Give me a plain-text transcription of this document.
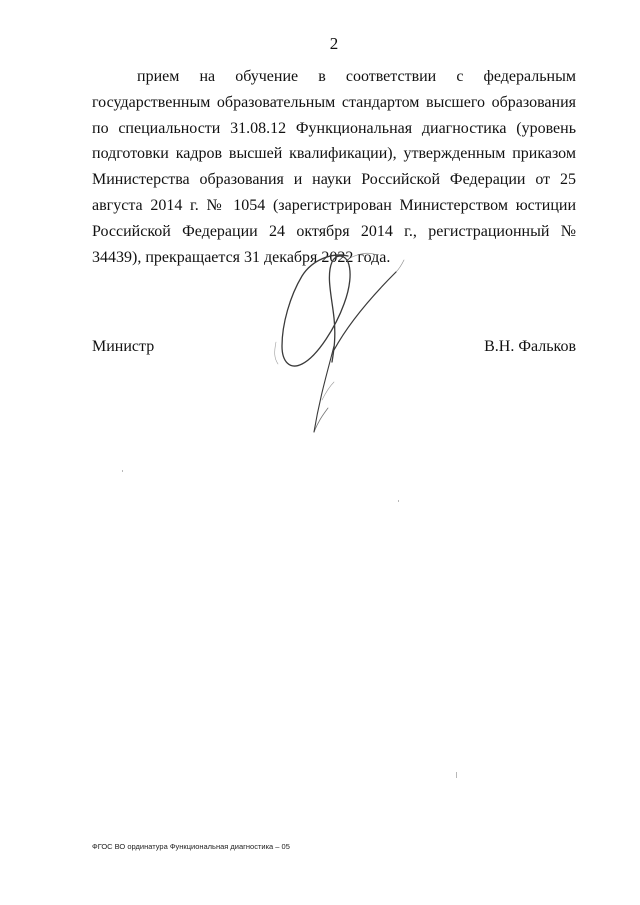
2

прием на обучение в соответствии с федеральным государственным образовательным стандартом высшего образования по специальности 31.08.12 Функциональная диагностика (уровень подготовки кадров высшей квалификации), утвержденным приказом Министерства образования и науки Российской Федерации от 25 августа 2014 г. № 1054 (зарегистрирован Министерством юстиции Российской Федерации 24 октября 2014 г., регистрационный № 34439), прекращается 31 декабря 2022 года.

Министр	В.Н. Фальков
ФГОС ВО ординатура Функциональная диагностика – 05
